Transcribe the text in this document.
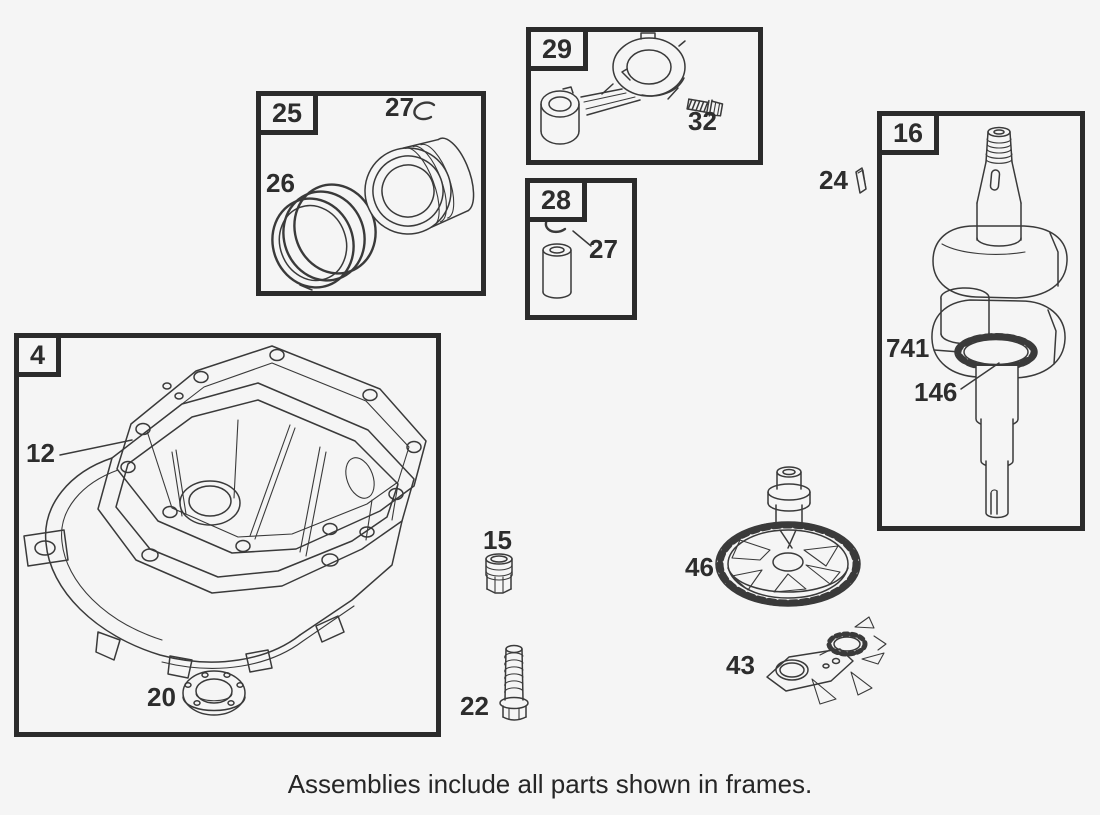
29
25
28
16
4
32
27
26
27
24
741
146
12
20
15
22
46
43
Assemblies include all parts shown in frames.
